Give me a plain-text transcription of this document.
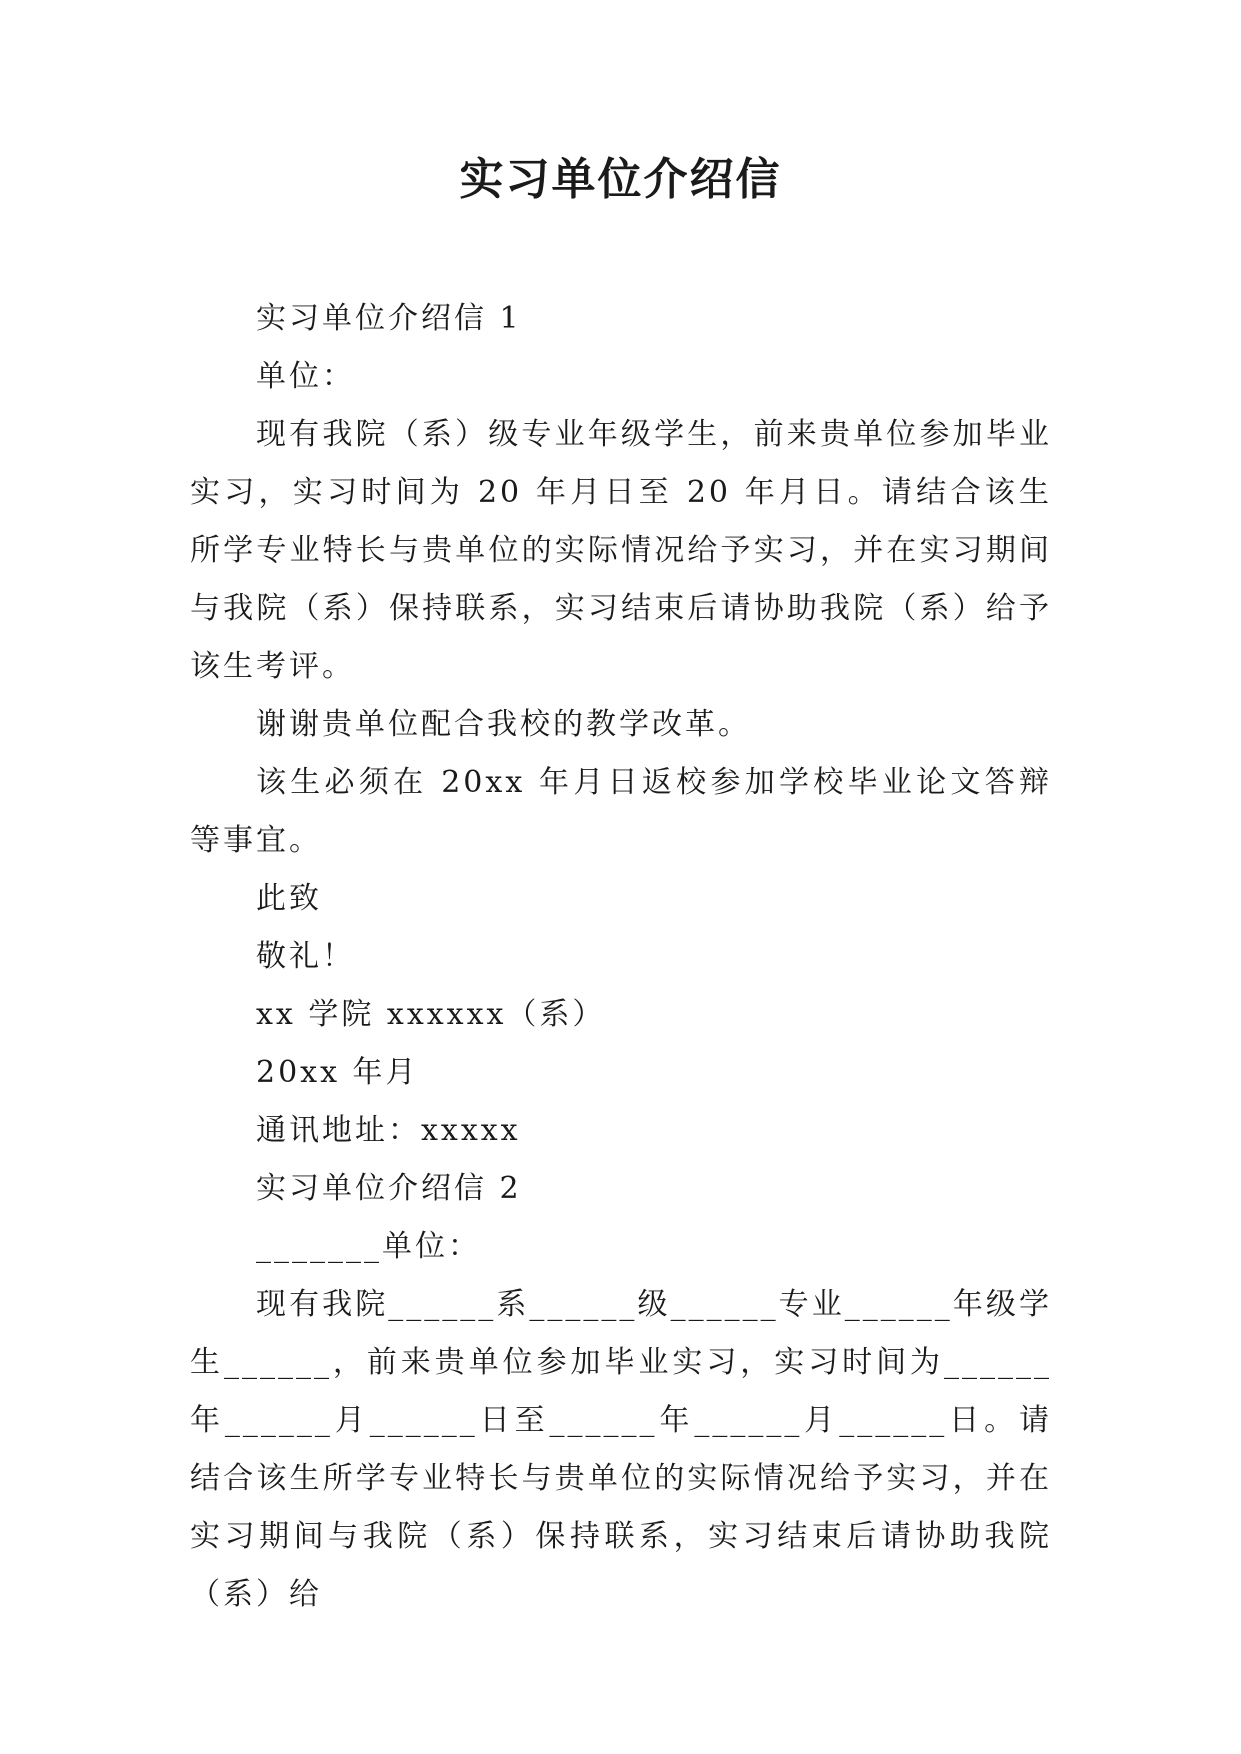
实习单位介绍信

实习单位介绍信 1

单位：

现有我院（系）级专业年级学生，前来贵单位参加毕业实习，实习时间为 20 年月日至 20 年月日。请结合该生所学专业特长与贵单位的实际情况给予实习，并在实习期间与我院（系）保持联系，实习结束后请协助我院（系）给予该生考评。

谢谢贵单位配合我校的教学改革。

该生必须在 20xx 年月日返校参加学校毕业论文答辩等事宜。

此致

敬礼！

xx 学院 xxxxxx（系）

20xx 年月

通讯地址：xxxxx

实习单位介绍信 2

_______单位：

现有我院______系______级______专业______年级学生______，前来贵单位参加毕业实习，实习时间为______年______月______日至______年______月______日。请结合该生所学专业特长与贵单位的实际情况给予实习，并在实习期间与我院（系）保持联系，实习结束后请协助我院（系）给
